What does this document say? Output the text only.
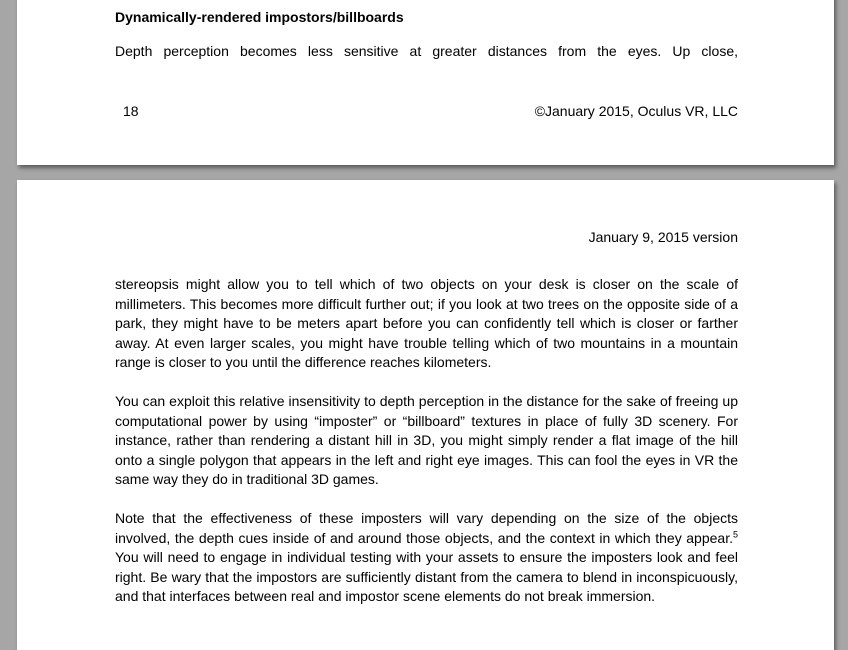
Dynamically-rendered impostors/billboards
Depth perception becomes less sensitive at greater distances from the eyes. Up close,
18	©January 2015, Oculus VR, LLC
January 9, 2015 version
stereopsis might allow you to tell which of two objects on your desk is closer on the scale of millimeters. This becomes more difficult further out; if you look at two trees on the opposite side of a park, they might have to be meters apart before you can confidently tell which is closer or farther away. At even larger scales, you might have trouble telling which of two mountains in a mountain range is closer to you until the difference reaches kilometers.
You can exploit this relative insensitivity to depth perception in the distance for the sake of freeing up computational power by using “imposter” or “billboard” textures in place of fully 3D scenery. For instance, rather than rendering a distant hill in 3D, you might simply render a flat image of the hill onto a single polygon that appears in the left and right eye images. This can fool the eyes in VR the same way they do in traditional 3D games.
Note that the effectiveness of these imposters will vary depending on the size of the objects involved, the depth cues inside of and around those objects, and the context in which they appear.$^5$ You will need to engage in individual testing with your assets to ensure the imposters look and feel right. Be wary that the impostors are sufficiently distant from the camera to blend in inconspicuously, and that interfaces between real and impostor scene elements do not break immersion.
